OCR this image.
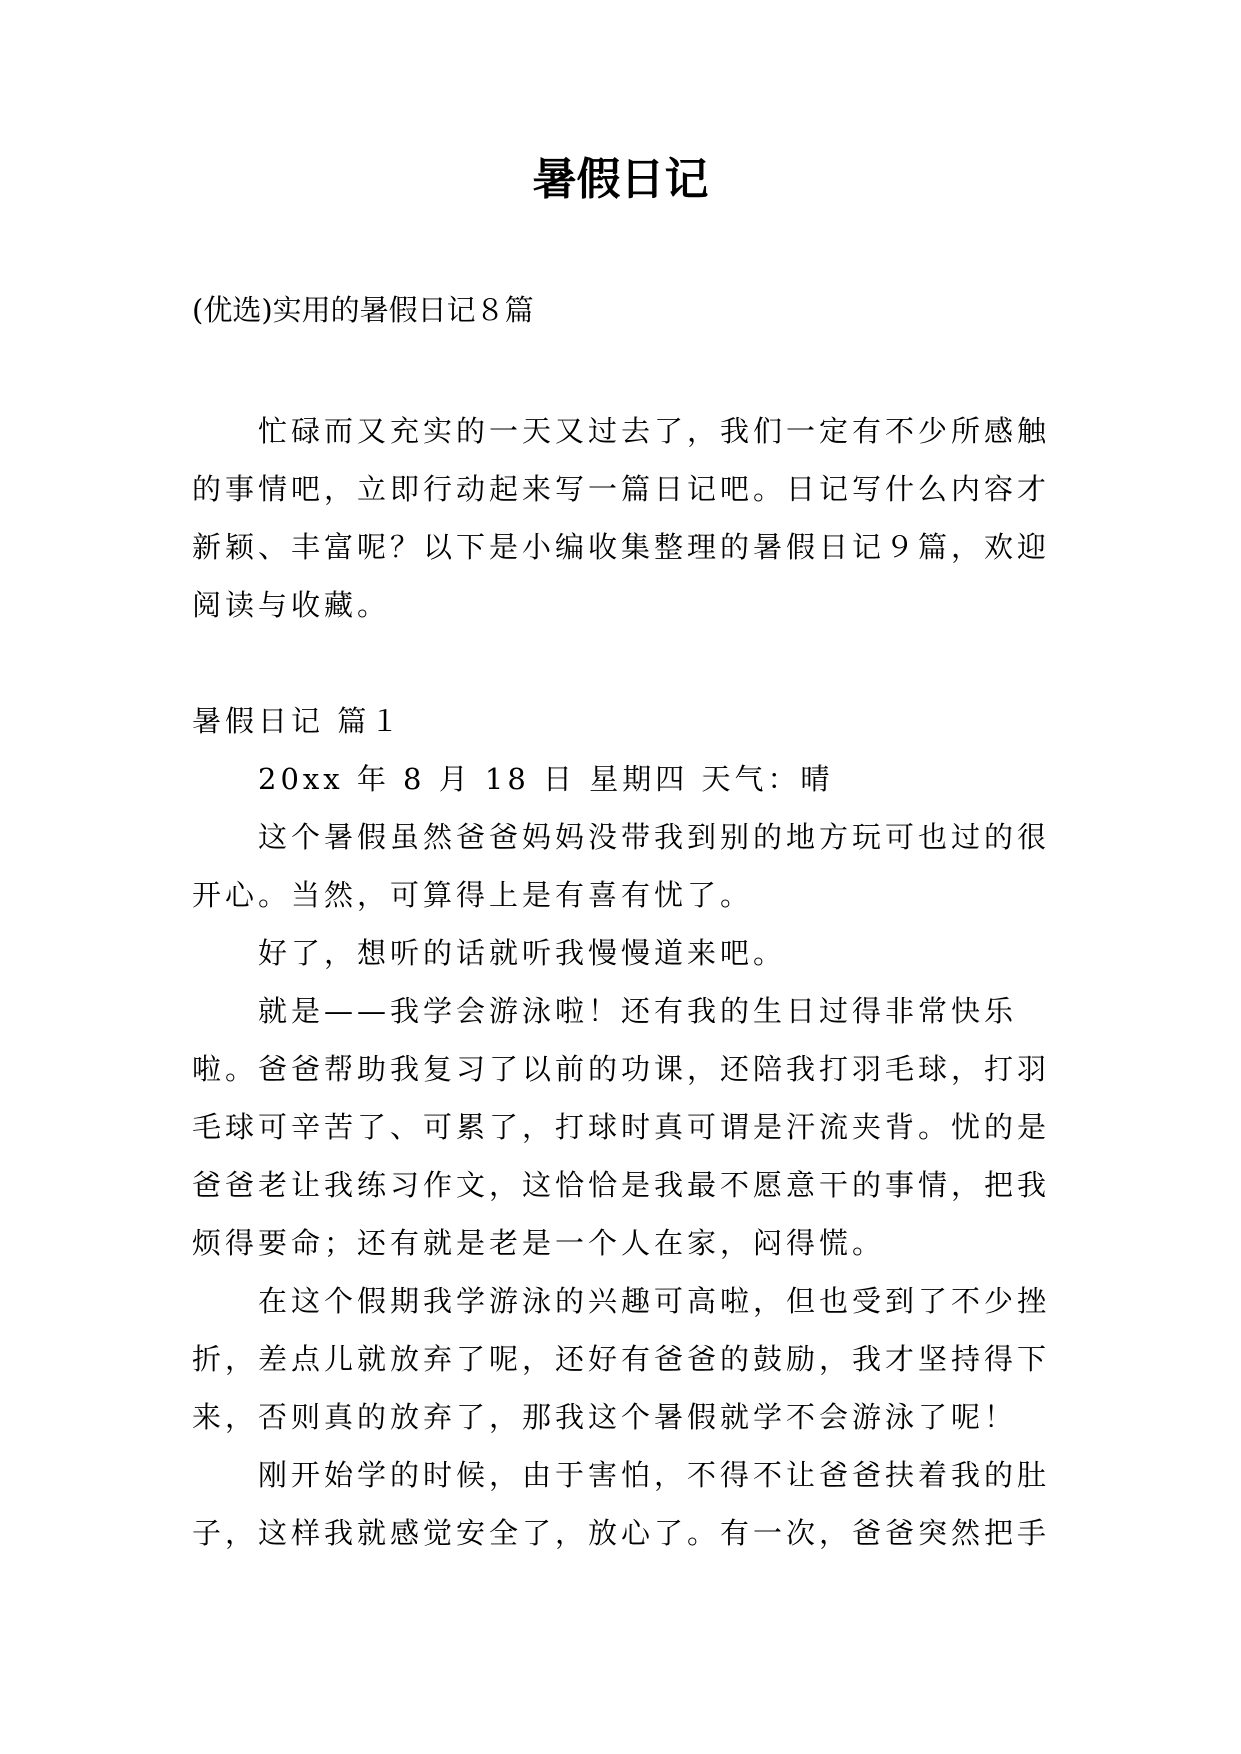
暑假日记
(优选)实用的暑假日记８篇

忙碌而又充实的一天又过去了，我们一定有不少所感触的事情吧，立即行动起来写一篇日记吧。日记写什么内容才新颖、丰富呢？以下是小编收集整理的暑假日记９篇，欢迎阅读与收藏。

暑假日记 篇１

20xx 年 8 月 18 日 星期四 天气：晴

这个暑假虽然爸爸妈妈没带我到别的地方玩可也过的很开心。当然，可算得上是有喜有忧了。

好了，想听的话就听我慢慢道来吧。

就是——我学会游泳啦！还有我的生日过得非常快乐啦。爸爸帮助我复习了以前的功课，还陪我打羽毛球，打羽毛球可辛苦了、可累了，打球时真可谓是汗流夹背。忧的是爸爸老让我练习作文，这恰恰是我最不愿意干的事情，把我烦得要命；还有就是老是一个人在家，闷得慌。

在这个假期我学游泳的兴趣可高啦，但也受到了不少挫折，差点儿就放弃了呢，还好有爸爸的鼓励，我才坚持得下来，否则真的放弃了，那我这个暑假就学不会游泳了呢！

刚开始学的时候，由于害怕，不得不让爸爸扶着我的肚子，这样我就感觉安全了，放心了。有一次，爸爸突然把手
